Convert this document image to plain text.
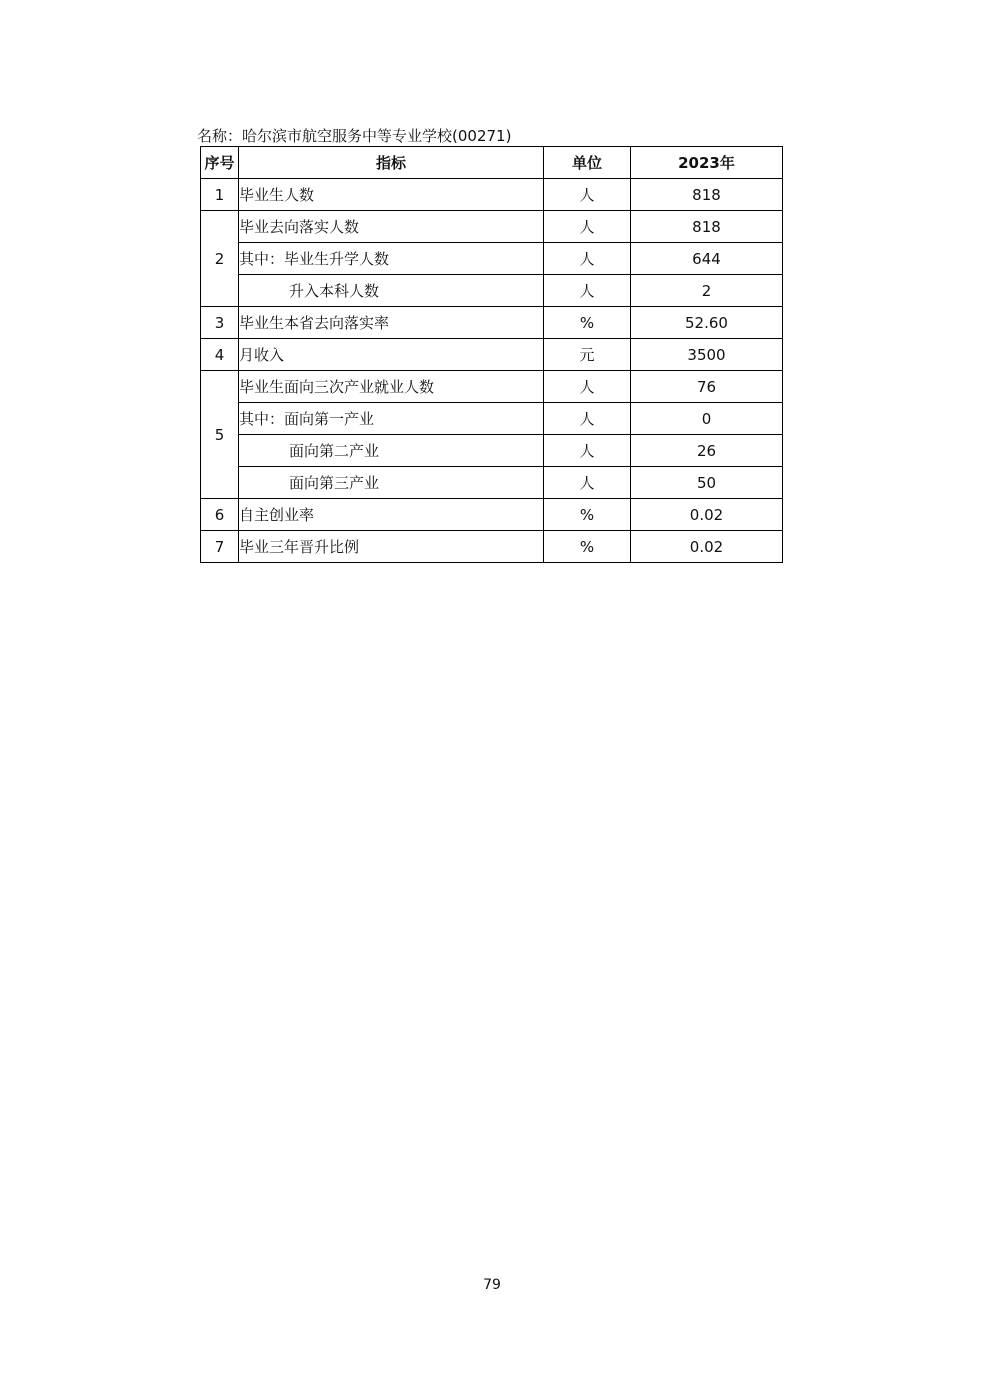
名称：哈尔滨市航空服务中等专业学校(00271)
序号	指标	单位	2023年
1	毕业生人数	人	818
2	毕业去向落实人数	人	818
	其中：毕业生升学人数	人	644
	升入本科人数	人	2
3	毕业生本省去向落实率	%	52.60
4	月收入	元	3500
5	毕业生面向三次产业就业人数	人	76
	其中：面向第一产业	人	0
	面向第二产业	人	26
	面向第三产业	人	50
6	自主创业率	%	0.02
7	毕业三年晋升比例	%	0.02
79
